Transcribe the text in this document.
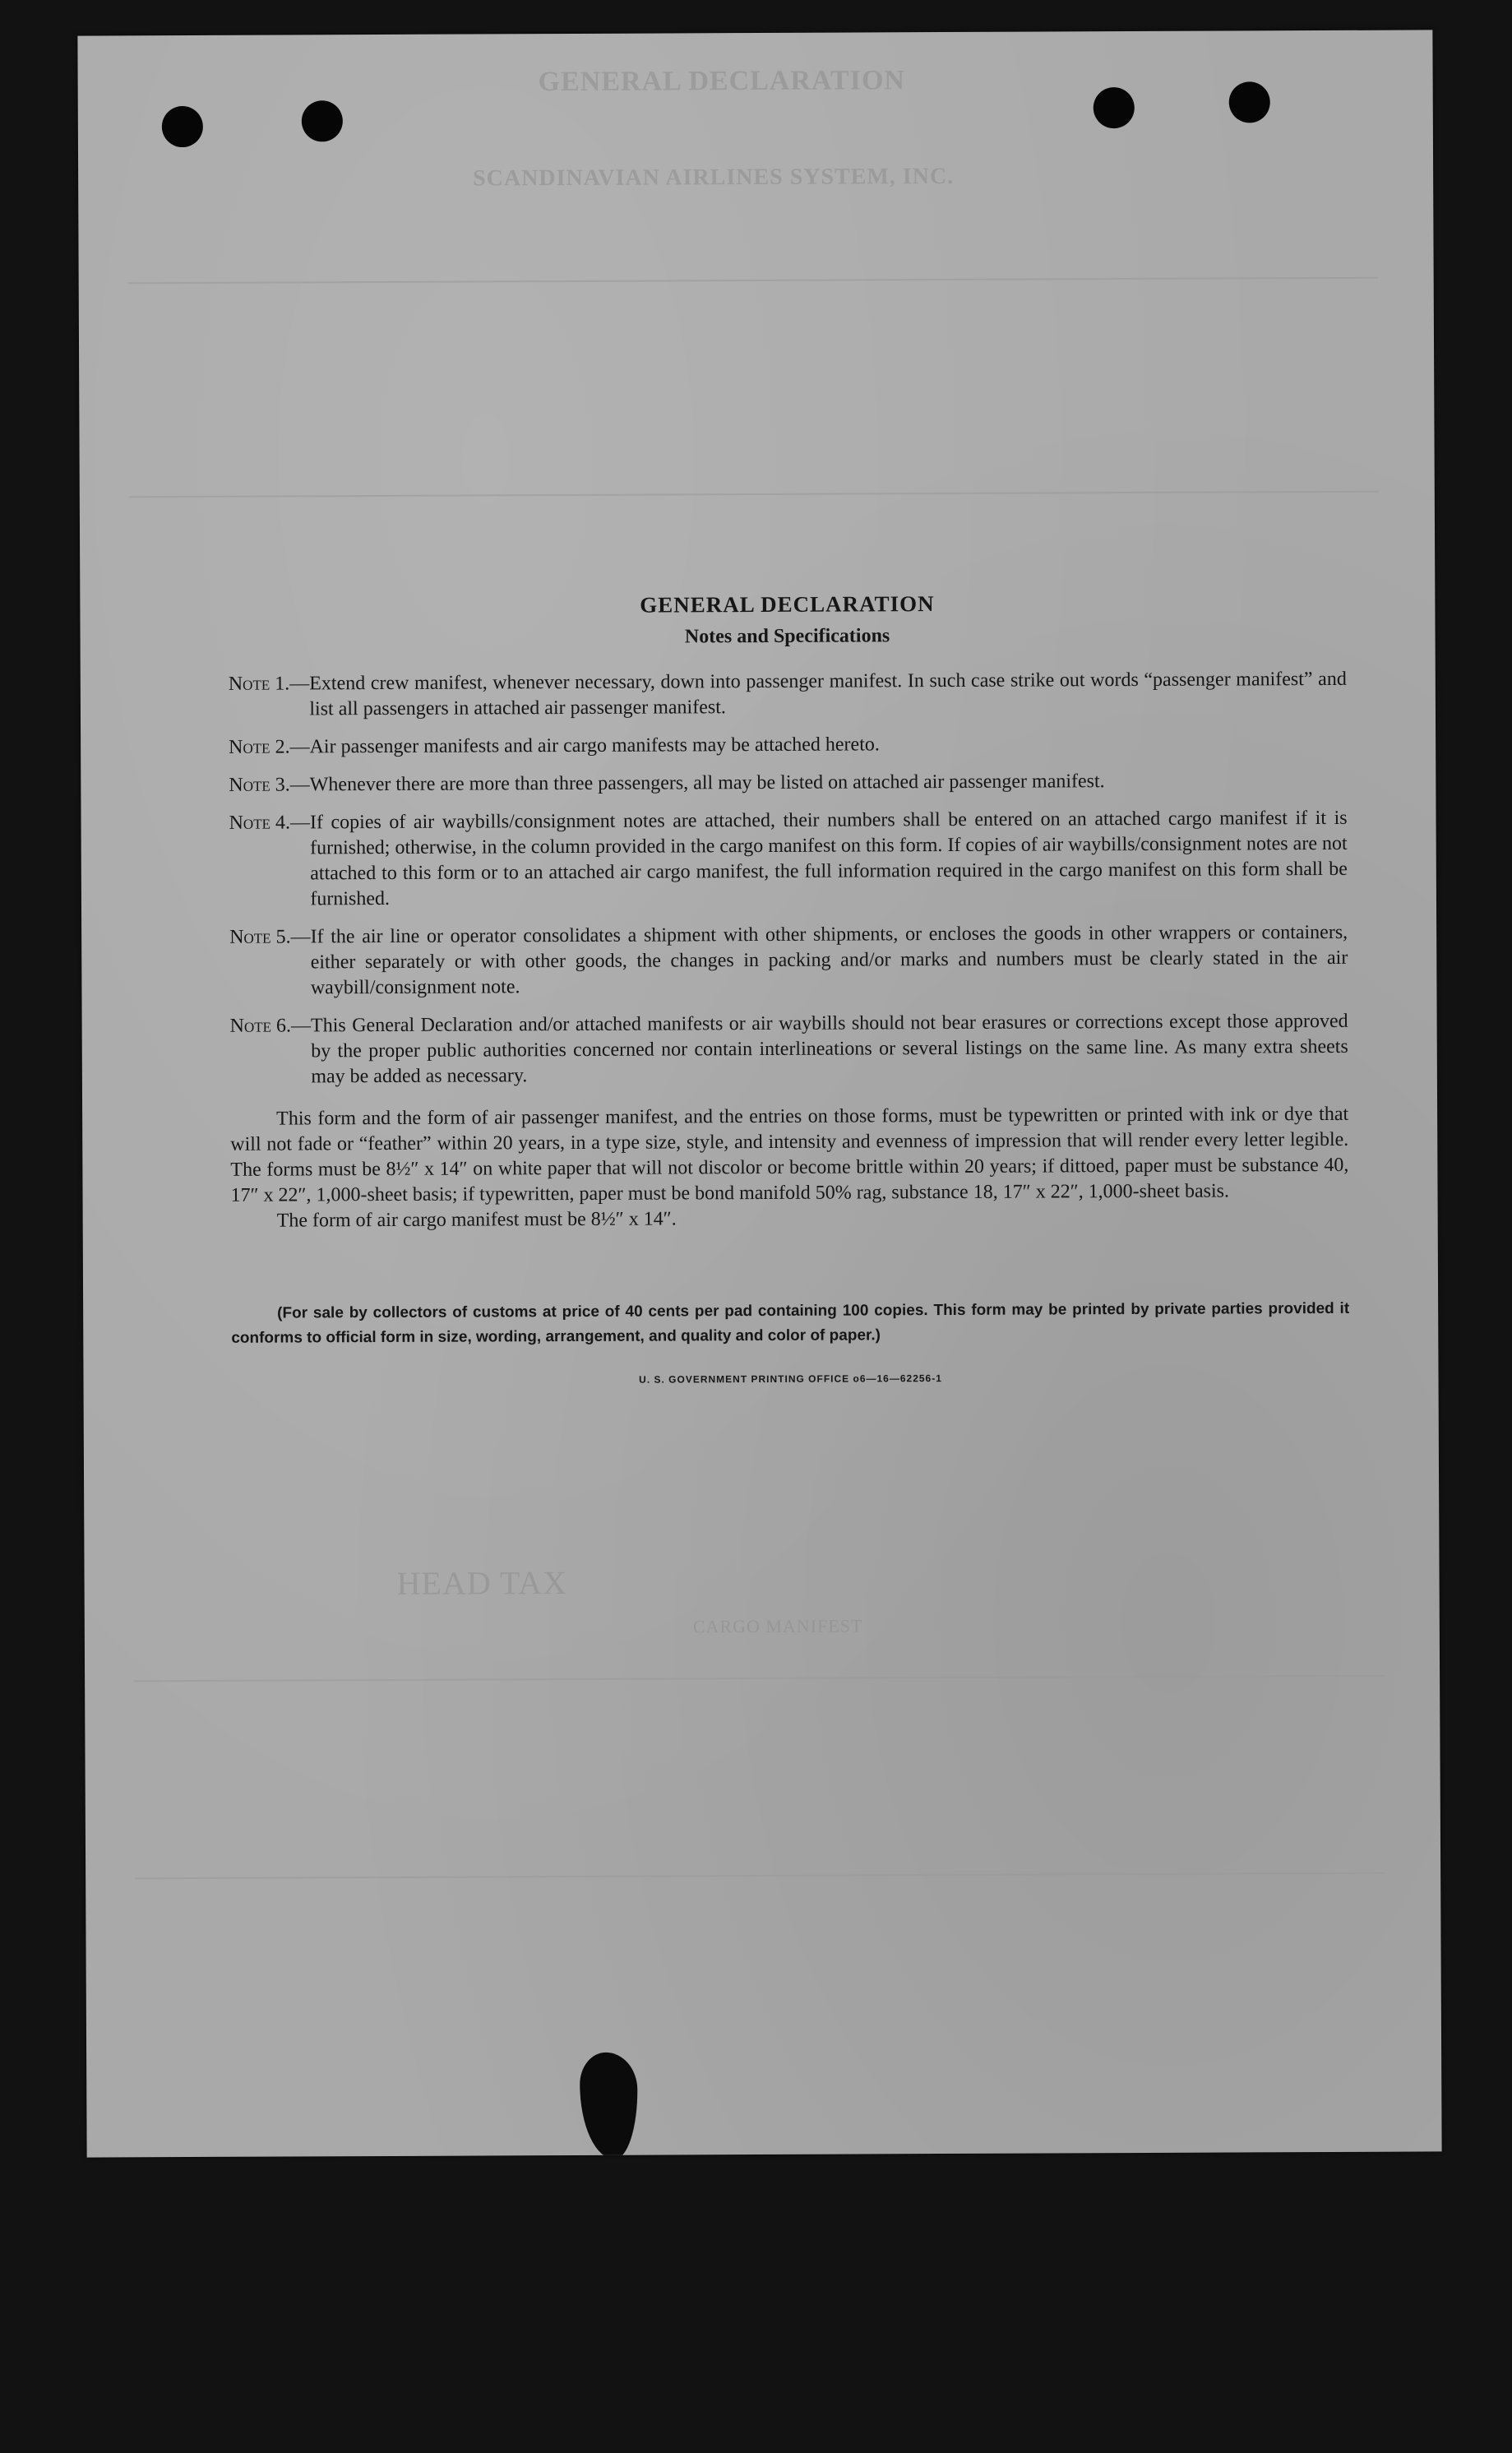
GENERAL DECLARATION
SCANDINAVIAN AIRLINES SYSTEM, INC.
CARGO MANIFEST
HEAD TAX
GENERAL DECLARATION
Notes and Specifications
Note 1. — Extend crew manifest, whenever necessary, down into passenger manifest. In such case strike out words “passenger manifest” and list all passengers in attached air passenger manifest.
Note 2. — Air passenger manifests and air cargo manifests may be attached hereto.
Note 3. — Whenever there are more than three passengers, all may be listed on attached air passenger manifest.
Note 4. — If copies of air waybills/consignment notes are attached, their numbers shall be entered on an attached cargo manifest if it is furnished; otherwise, in the column provided in the cargo manifest on this form. If copies of air waybills/consignment notes are not attached to this form or to an attached air cargo manifest, the full information required in the cargo manifest on this form shall be furnished.
Note 5. — If the air line or operator consolidates a shipment with other shipments, or encloses the goods in other wrappers or containers, either separately or with other goods, the changes in packing and/or marks and numbers must be clearly stated in the air waybill/consignment note.
Note 6. — This General Declaration and/or attached manifests or air waybills should not bear erasures or corrections except those approved by the proper public authorities concerned nor contain interlineations or several listings on the same line. As many extra sheets may be added as necessary.
This form and the form of air passenger manifest, and the entries on those forms, must be typewritten or printed with ink or dye that will not fade or “feather” within 20 years, in a type size, style, and intensity and evenness of impression that will render every letter legible. The forms must be 8½″ x 14″ on white paper that will not discolor or become brittle within 20 years; if dittoed, paper must be substance 40, 17″ x 22″, 1,000-sheet basis; if typewritten, paper must be bond manifold 50% rag, substance 18, 17″ x 22″, 1,000-sheet basis.
The form of air cargo manifest must be 8½″ x 14″.
(For sale by collectors of customs at price of 40 cents per pad containing 100 copies. This form may be printed by private parties provided it conforms to official form in size, wording, arrangement, and quality and color of paper.)
U. S. GOVERNMENT PRINTING OFFICE o6—16—62256-1
